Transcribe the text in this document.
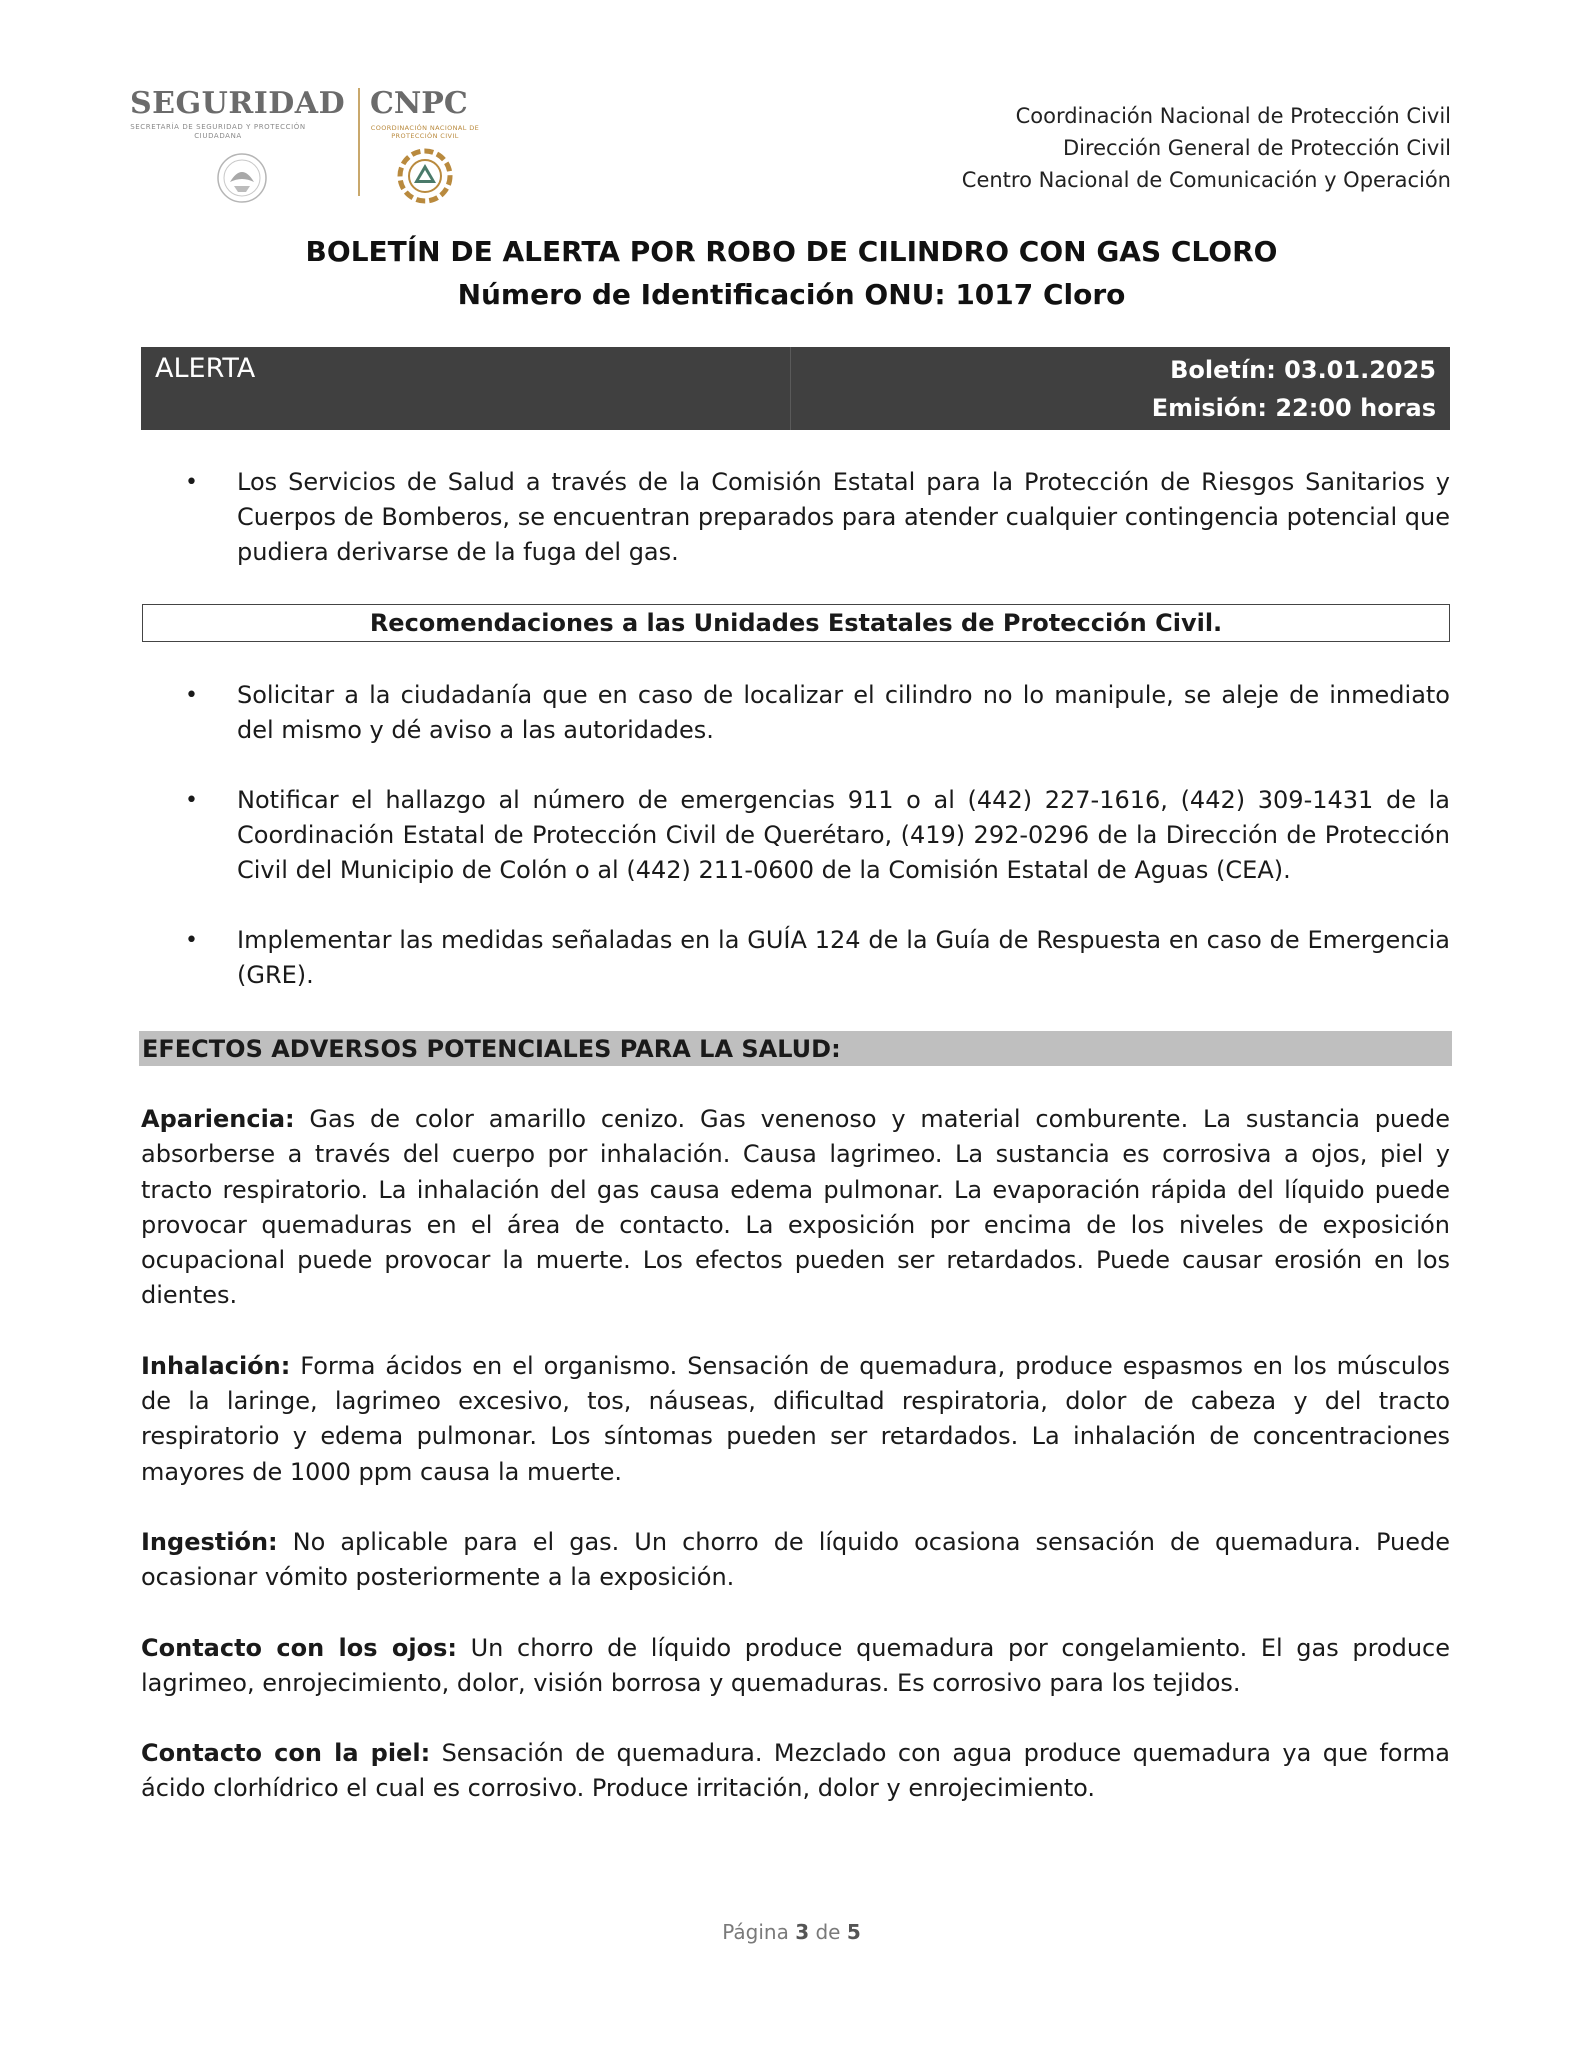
SEGURIDAD
SECRETARÍA DE SEGURIDAD Y PROTECCIÓN CIUDADANA
CNPC
COORDINACIÓN NACIONAL DE PROTECCIÓN CIVIL
Coordinación Nacional de Protección Civil
Dirección General de Protección Civil
Centro Nacional de Comunicación y Operación
BOLETÍN DE ALERTA POR ROBO DE CILINDRO CON GAS CLORO
Número de Identificación ONU: 1017 Cloro
ALERTA	Boletín: 03.01.2025
Emisión: 22:00 horas
• Los Servicios de Salud a través de la Comisión Estatal para la Protección de Riesgos Sanitarios y Cuerpos de Bomberos, se encuentran preparados para atender cualquier contingencia potencial que pudiera derivarse de la fuga del gas.
Recomendaciones a las Unidades Estatales de Protección Civil.
• Solicitar a la ciudadanía que en caso de localizar el cilindro no lo manipule, se aleje de inmediato del mismo y dé aviso a las autoridades.
• Notificar el hallazgo al número de emergencias 911 o al (442) 227-1616, (442) 309-1431 de la Coordinación Estatal de Protección Civil de Querétaro, (419) 292-0296 de la Dirección de Protección Civil del Municipio de Colón o al (442) 211-0600 de la Comisión Estatal de Aguas (CEA).
• Implementar las medidas señaladas en la GUÍA 124 de la Guía de Respuesta en caso de Emergencia (GRE).
EFECTOS ADVERSOS POTENCIALES PARA LA SALUD:
Apariencia: Gas de color amarillo cenizo. Gas venenoso y material comburente. La sustancia puede absorberse a través del cuerpo por inhalación. Causa lagrimeo. La sustancia es corrosiva a ojos, piel y tracto respiratorio. La inhalación del gas causa edema pulmonar. La evaporación rápida del líquido puede provocar quemaduras en el área de contacto. La exposición por encima de los niveles de exposición ocupacional puede provocar la muerte. Los efectos pueden ser retardados. Puede causar erosión en los dientes.
Inhalación: Forma ácidos en el organismo. Sensación de quemadura, produce espasmos en los músculos de la laringe, lagrimeo excesivo, tos, náuseas, dificultad respiratoria, dolor de cabeza y del tracto respiratorio y edema pulmonar. Los síntomas pueden ser retardados. La inhalación de concentraciones mayores de 1000 ppm causa la muerte.
Ingestión: No aplicable para el gas. Un chorro de líquido ocasiona sensación de quemadura. Puede ocasionar vómito posteriormente a la exposición.
Contacto con los ojos: Un chorro de líquido produce quemadura por congelamiento. El gas produce lagrimeo, enrojecimiento, dolor, visión borrosa y quemaduras. Es corrosivo para los tejidos.
Contacto con la piel: Sensación de quemadura. Mezclado con agua produce quemadura ya que forma ácido clorhídrico el cual es corrosivo. Produce irritación, dolor y enrojecimiento.
Página 3 de 5
